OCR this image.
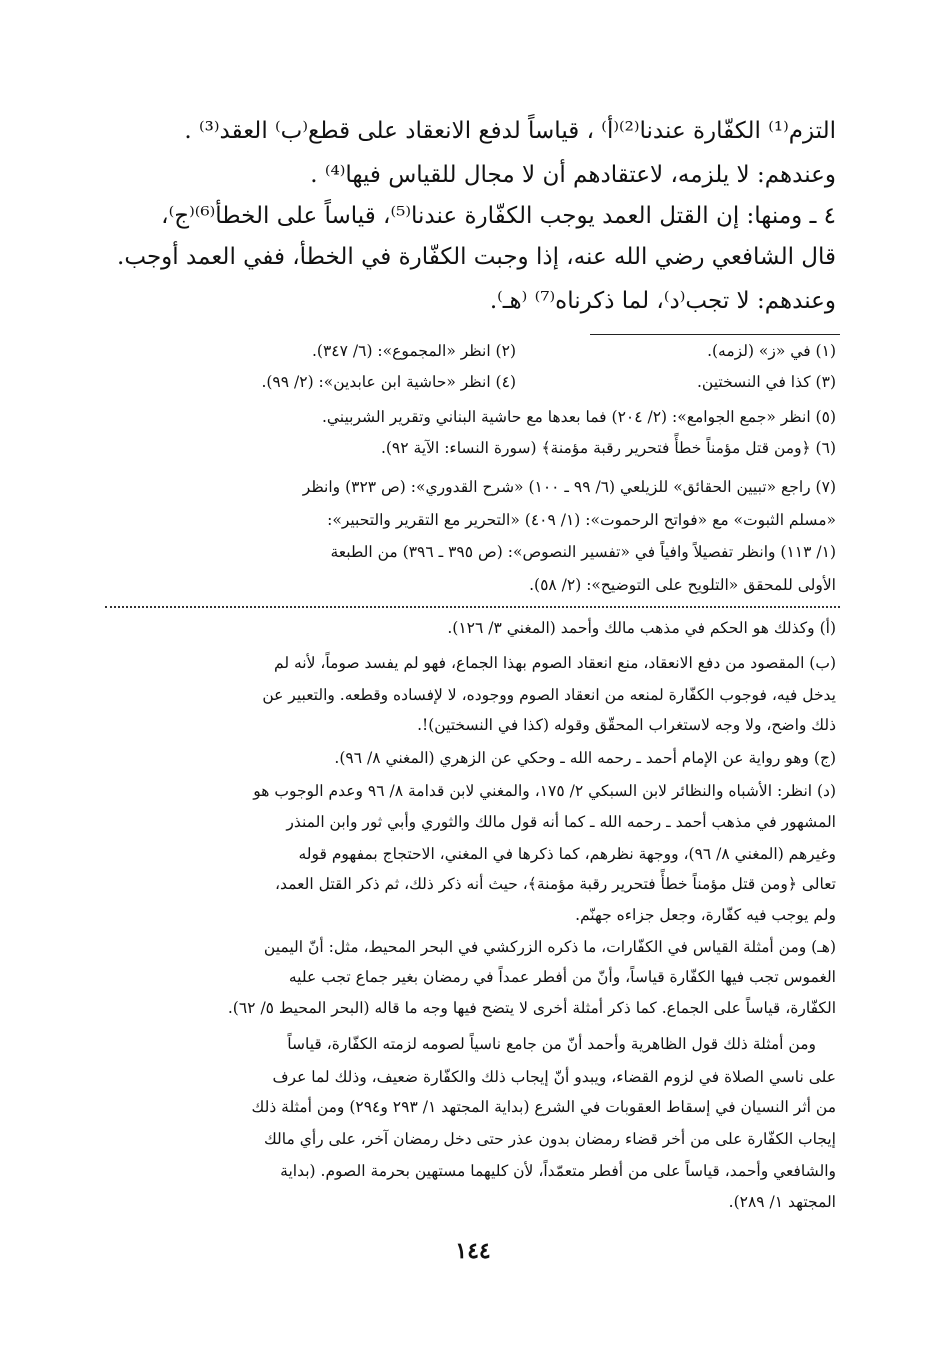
التزم⁽¹⁾ الكفّارة عندنا⁽²⁾⁽أ⁾ ، قياساً لدفع الانعقاد على قطع⁽ب⁾ العقد⁽³⁾ .
وعندهم: لا يلزمه، لاعتقادهم أن لا مجال للقياس فيها⁽⁴⁾ .
٤ ـ ومنها: إن القتل العمد يوجب الكفّارة عندنا⁽⁵⁾، قياساً على الخطأ⁽⁶⁾⁽ج⁾،
قال الشافعي رضي الله عنه، إذا وجبت الكفّارة في الخطأ، ففي العمد أوجب.
وعندهم: لا تجب⁽د⁾، لما ذكرناه⁽⁷⁾ ⁽هـ⁾.
(١) في «ز» (لزمه).
(٢) انظر «المجموع»: (٦/ ٣٤٧).
(٣) كذا في النسختين.
(٤) انظر «حاشية ابن عابدين»: (٢/ ٩٩).
(٥) انظر «جمع الجوامع»: (٢/ ٢٠٤) فما بعدها مع حاشية البناني وتقرير الشربيني.
(٦) ﴿ومن قتل مؤمناً خطأً فتحرير رقبة مؤمنة﴾ (سورة النساء: الآية ٩٢).
(٧) راجع «تبيين الحقائق» للزيلعي (٦/ ٩٩ ـ ١٠٠) «شرح القدوري»: (ص ٣٢٣) وانظر
«مسلم الثبوت» مع «فواتح الرحموت»: (١/ ٤٠٩) «التحرير مع التقرير والتحبير»:
(١/ ١١٣) وانظر تفصيلاً وافياً في «تفسير النصوص»: (ص ٣٩٥ ـ ٣٩٦) من الطبعة
الأولى للمحقق «التلويح على التوضيح»: (٢/ ٥٨).
(أ) وكذلك هو الحكم في مذهب مالك وأحمد (المغني ٣/ ١٢٦).
(ب) المقصود من دفع الانعقاد، منع انعقاد الصوم بهذا الجماع، فهو لم يفسد صوماً، لأنه لم
يدخل فيه، فوجوب الكفّارة لمنعه من انعقاد الصوم ووجوده، لا لإفساده وقطعه. والتعبير عن
ذلك واضح، ولا وجه لاستغراب المحقّق وقوله (كذا في النسختين)!.
(ج) وهو رواية عن الإمام أحمد ـ رحمه الله ـ وحكي عن الزهري (المغني ٨/ ٩٦).
(د) انظر: الأشباه والنظائر لابن السبكي ٢/ ١٧٥، والمغني لابن قدامة ٨/ ٩٦ وعدم الوجوب هو
المشهور في مذهب أحمد ـ رحمه الله ـ كما أنه قول مالك والثوري وأبي ثور وابن المنذر
وغيرهم (المغني ٨/ ٩٦)، ووجهة نظرهم، كما ذكرها في المغني، الاحتجاج بمفهوم قوله
تعالى ﴿ومن قتل مؤمناً خطأً فتحرير رقبة مؤمنة﴾، حيث أنه ذكر ذلك، ثم ذكر القتل العمد،
ولم يوجب فيه كفّارة، وجعل جزاءه جهنّم.
(هـ) ومن أمثلة القياس في الكفّارات، ما ذكره الزركشي في البحر المحيط، مثل: أنّ اليمين
الغموس تجب فيها الكفّارة قياساً، وأنّ من أفطر عمداً في رمضان بغير جماع تجب عليه
الكفّارة، قياساً على الجماع. كما ذكر أمثلة أخرى لا يتضح فيها وجه ما قاله (البحر المحيط ٥/ ٦٢).
ومن أمثلة ذلك قول الظاهرية وأحمد أنّ من جامع ناسياً لصومه لزمته الكفّارة، قياساً
على ناسي الصلاة في لزوم القضاء، ويبدو أنّ إيجاب ذلك والكفّارة ضعيف، وذلك لما عرف
من أثر النسيان في إسقاط العقوبات في الشرع (بداية المجتهد ١/ ٢٩٣ و٢٩٤) ومن أمثلة ذلك
إيجاب الكفّارة على من أخر قضاء رمضان بدون عذر حتى دخل رمضان آخر، على رأي مالك
والشافعي وأحمد، قياساً على من أفطر متعمّداً، لأن كليهما مستهين بحرمة الصوم. (بداية
المجتهد ١/ ٢٨٩).
١٤٤
